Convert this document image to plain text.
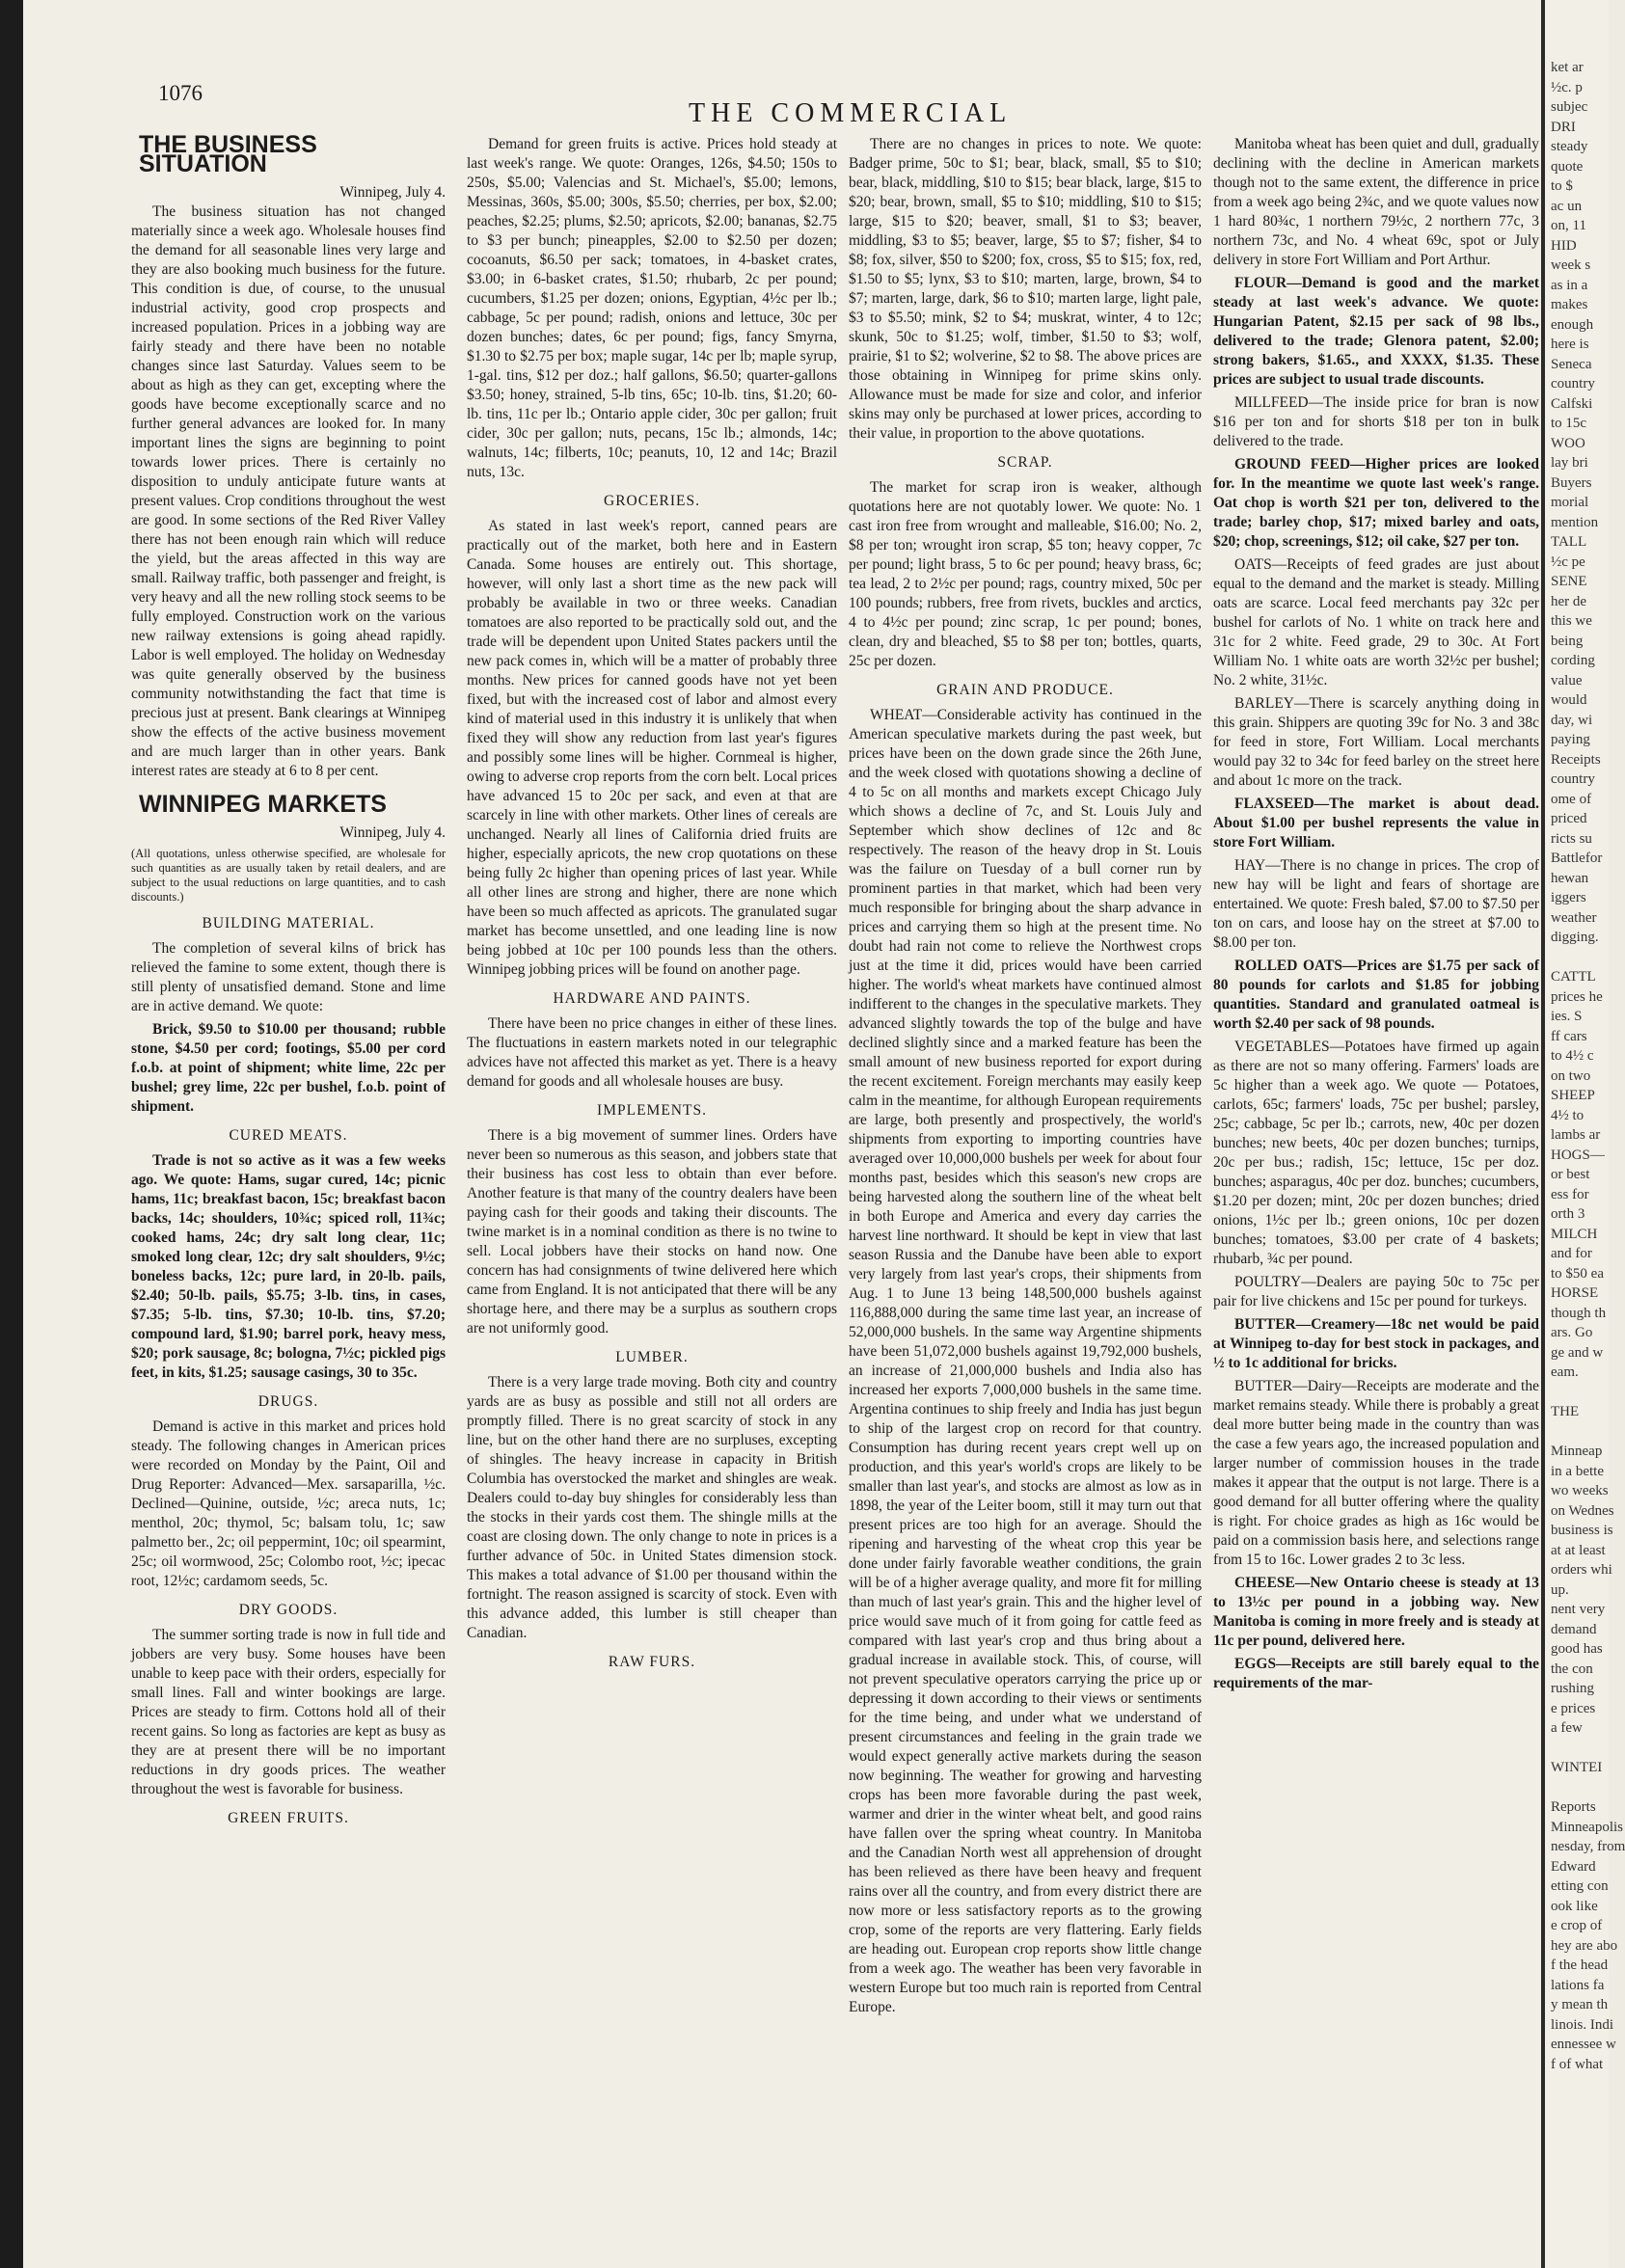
1076
THE COMMERCIAL
THE BUSINESS SITUATION

Winnipeg, July 4.

The business situation has not changed materially since a week ago. Wholesale houses find the demand for all seasonable lines very large and they are also booking much business for the future. This condition is due, of course, to the unusual industrial activity, good crop prospects and increased population. Prices in a jobbing way are fairly steady and there have been no notable changes since last Saturday. Values seem to be about as high as they can get, excepting where the goods have become exceptionally scarce and no further general advances are looked for. In many important lines the signs are beginning to point towards lower prices. There is certainly no disposition to unduly anticipate future wants at present values. Crop conditions throughout the west are good. In some sections of the Red River Valley there has not been enough rain which will reduce the yield, but the areas affected in this way are small. Railway traffic, both passenger and freight, is very heavy and all the new rolling stock seems to be fully employed. Construction work on the various new railway extensions is going ahead rapidly. Labor is well employed. The holiday on Wednesday was quite generally observed by the business community notwithstanding the fact that time is precious just at present. Bank clearings at Winnipeg show the effects of the active business movement and are much larger than in other years. Bank interest rates are steady at 6 to 8 per cent.

WINNIPEG MARKETS

Winnipeg, July 4.

(All quotations, unless otherwise specified, are wholesale for such quantities as are usually taken by retail dealers, and are subject to the usual reductions on large quantities, and to cash discounts.)

BUILDING MATERIAL.

The completion of several kilns of brick has relieved the famine to some extent, though there is still plenty of unsatisfied demand. Stone and lime are in active demand. We quote:

Brick, $9.50 to $10.00 per thousand; rubble stone, $4.50 per cord; footings, $5.00 per cord f.o.b. at point of shipment; white lime, 22c per bushel; grey lime, 22c per bushel, f.o.b. point of shipment.

CURED MEATS.

Trade is not so active as it was a few weeks ago. We quote: Hams, sugar cured, 14c; picnic hams, 11c; breakfast bacon, 15c; breakfast bacon backs, 14c; shoulders, 10¾c; spiced roll, 11¾c; cooked hams, 24c; dry salt long clear, 11c; smoked long clear, 12c; dry salt shoulders, 9½c; boneless backs, 12c; pure lard, in 20-lb. pails, $2.40; 50-lb. pails, $5.75; 3-lb. tins, in cases, $7.35; 5-lb. tins, $7.30; 10-lb. tins, $7.20; compound lard, $1.90; barrel pork, heavy mess, $20; pork sausage, 8c; bologna, 7½c; pickled pigs feet, in kits, $1.25; sausage casings, 30 to 35c.

DRUGS.

Demand is active in this market and prices hold steady. The following changes in American prices were recorded on Monday by the Paint, Oil and Drug Reporter: Advanced—Mex. sarsaparilla, ½c. Declined—Quinine, outside, ½c; areca nuts, 1c; menthol, 20c; thymol, 5c; balsam tolu, 1c; saw palmetto ber., 2c; oil peppermint, 10c; oil spearmint, 25c; oil wormwood, 25c; Colombo root, ½c; ipecac root, 12½c; cardamom seeds, 5c.

DRY GOODS.

The summer sorting trade is now in full tide and jobbers are very busy. Some houses have been unable to keep pace with their orders, especially for small lines. Fall and winter bookings are large. Prices are steady to firm. Cottons hold all of their recent gains. So long as factories are kept as busy as they are at present there will be no important reductions in dry goods prices. The weather throughout the west is favorable for business.

GREEN FRUITS.

Demand for green fruits is active. Prices hold steady at last week's range. We quote: Oranges, 126s, $4.50; 150s to 250s, $5.00; Valencias and St. Michael's, $5.00; lemons, Messinas, 360s, $5.00; 300s, $5.50; cherries, per box, $2.00; peaches, $2.25; plums, $2.50; apricots, $2.00; bananas, $2.75 to $3 per bunch; pineapples, $2.00 to $2.50 per dozen; cocoanuts, $6.50 per sack; tomatoes, in 4-basket crates, $3.00; in 6-basket crates, $1.50; rhubarb, 2c per pound; cucumbers, $1.25 per dozen; onions, Egyptian, 4½c per lb.; cabbage, 5c per pound; radish, onions and lettuce, 30c per dozen bunches; dates, 6c per pound; figs, fancy Smyrna, $1.30 to $2.75 per box; maple sugar, 14c per lb; maple syrup, 1-gal. tins, $12 per doz.; half gallons, $6.50; quarter-gallons $3.50; honey, strained, 5-lb tins, 65c; 10-lb. tins, $1.20; 60-lb. tins, 11c per lb.; Ontario apple cider, 30c per gallon; fruit cider, 30c per gallon; nuts, pecans, 15c lb.; almonds, 14c; walnuts, 14c; filberts, 10c; peanuts, 10, 12 and 14c; Brazil nuts, 13c.

GROCERIES.

As stated in last week's report, canned pears are practically out of the market, both here and in Eastern Canada. Some houses are entirely out. This shortage, however, will only last a short time as the new pack will probably be available in two or three weeks. Canadian tomatoes are also reported to be practically sold out, and the trade will be dependent upon United States packers until the new pack comes in, which will be a matter of probably three months. New prices for canned goods have not yet been fixed, but with the increased cost of labor and almost every kind of material used in this industry it is unlikely that when fixed they will show any reduction from last year's figures and possibly some lines will be higher. Cornmeal is higher, owing to adverse crop reports from the corn belt. Local prices have advanced 15 to 20c per sack, and even at that are scarcely in line with other markets. Other lines of cereals are unchanged. Nearly all lines of California dried fruits are higher, especially apricots, the new crop quotations on these being fully 2c higher than opening prices of last year. While all other lines are strong and higher, there are none which have been so much affected as apricots. The granulated sugar market has become unsettled, and one leading line is now being jobbed at 10c per 100 pounds less than the others. Winnipeg jobbing prices will be found on another page.

HARDWARE AND PAINTS.

There have been no price changes in either of these lines. The fluctuations in eastern markets noted in our telegraphic advices have not affected this market as yet. There is a heavy demand for goods and all wholesale houses are busy.

IMPLEMENTS.

There is a big movement of summer lines. Orders have never been so numerous as this season, and jobbers state that their business has cost less to obtain than ever before. Another feature is that many of the country dealers have been paying cash for their goods and taking their discounts. The twine market is in a nominal condition as there is no twine to sell. Local jobbers have their stocks on hand now. One concern has had consignments of twine delivered here which came from England. It is not anticipated that there will be any shortage here, and there may be a surplus as southern crops are not uniformly good.

LUMBER.

There is a very large trade moving. Both city and country yards are as busy as possible and still not all orders are promptly filled. There is no great scarcity of stock in any line, but on the other hand there are no surpluses, excepting of shingles. The heavy increase in capacity in British Columbia has overstocked the market and shingles are weak. Dealers could to-day buy shingles for considerably less than the stocks in their yards cost them. The shingle mills at the coast are closing down. The only change to note in prices is a further advance of 50c. in United States dimension stock. This makes a total advance of $1.00 per thousand within the fortnight. The reason assigned is scarcity of stock. Even with this advance added, this lumber is still cheaper than Canadian.

RAW FURS.

There are no changes in prices to note. We quote: Badger prime, 50c to $1; bear, black, small, $5 to $10; bear, black, middling, $10 to $15; bear black, large, $15 to $20; bear, brown, small, $5 to $10; middling, $10 to $15; large, $15 to $20; beaver, small, $1 to $3; beaver, middling, $3 to $5; beaver, large, $5 to $7; fisher, $4 to $8; fox, silver, $50 to $200; fox, cross, $5 to $15; fox, red, $1.50 to $5; lynx, $3 to $10; marten, large, brown, $4 to $7; marten, large, dark, $6 to $10; marten large, light pale, $3 to $5.50; mink, $2 to $4; muskrat, winter, 4 to 12c; skunk, 50c to $1.25; wolf, timber, $1.50 to $3; wolf, prairie, $1 to $2; wolverine, $2 to $8. The above prices are those obtaining in Winnipeg for prime skins only. Allowance must be made for size and color, and inferior skins may only be purchased at lower prices, according to their value, in proportion to the above quotations.

SCRAP.

The market for scrap iron is weaker, although quotations here are not quotably lower. We quote: No. 1 cast iron free from wrought and malleable, $16.00; No. 2, $8 per ton; wrought iron scrap, $5 ton; heavy copper, 7c per pound; light brass, 5 to 6c per pound; heavy brass, 6c; tea lead, 2 to 2½c per pound; rags, country mixed, 50c per 100 pounds; rubbers, free from rivets, buckles and arctics, 4 to 4½c per pound; zinc scrap, 1c per pound; bones, clean, dry and bleached, $5 to $8 per ton; bottles, quarts, 25c per dozen.

GRAIN AND PRODUCE.

WHEAT—Considerable activity has continued in the American speculative markets during the past week, but prices have been on the down grade since the 26th June, and the week closed with quotations showing a decline of 4 to 5c on all months and markets except Chicago July which shows a decline of 7c, and St. Louis July and September which show declines of 12c and 8c respectively. The reason of the heavy drop in St. Louis was the failure on Tuesday of a bull corner run by prominent parties in that market, which had been very much responsible for bringing about the sharp advance in prices and carrying them so high at the present time. No doubt had rain not come to relieve the Northwest crops just at the time it did, prices would have been carried higher. The world's wheat markets have continued almost indifferent to the changes in the speculative markets. They advanced slightly towards the top of the bulge and have declined slightly since and a marked feature has been the small amount of new business reported for export during the recent excitement. Foreign merchants may easily keep calm in the meantime, for although European requirements are large, both presently and prospectively, the world's shipments from exporting to importing countries have averaged over 10,000,000 bushels per week for about four months past, besides which this season's new crops are being harvested along the southern line of the wheat belt in both Europe and America and every day carries the harvest line northward. It should be kept in view that last season Russia and the Danube have been able to export very largely from last year's crops, their shipments from Aug. 1 to June 13 being 148,500,000 bushels against 116,888,000 during the same time last year, an increase of 52,000,000 bushels. In the same way Argentine shipments have been 51,072,000 bushels against 19,792,000 bushels, an increase of 21,000,000 bushels and India also has increased her exports 7,000,000 bushels in the same time. Argentina continues to ship freely and India has just begun to ship of the largest crop on record for that country. Consumption has during recent years crept well up on production, and this year's world's crops are likely to be smaller than last year's, and stocks are almost as low as in 1898, the year of the Leiter boom, still it may turn out that present prices are too high for an average. Should the ripening and harvesting of the wheat crop this year be done under fairly favorable weather conditions, the grain will be of a higher average quality, and more fit for milling than much of last year's grain. This and the higher level of price would save much of it from going for cattle feed as compared with last year's crop and thus bring about a gradual increase in available stock. This, of course, will not prevent speculative operators carrying the price up or depressing it down according to their views or sentiments for the time being, and under what we understand of present circumstances and feeling in the grain trade we would expect generally active markets during the season now beginning. The weather for growing and harvesting crops has been more favorable during the past week, warmer and drier in the winter wheat belt, and good rains have fallen over the spring wheat country. In Manitoba and the Canadian North west all apprehension of drought has been relieved as there have been heavy and frequent rains over all the country, and from every district there are now more or less satisfactory reports as to the growing crop, some of the reports are very flattering. Early fields are heading out. European crop reports show little change from a week ago. The weather has been very favorable in western Europe but too much rain is reported from Central Europe.

Manitoba wheat has been quiet and dull, gradually declining with the decline in American markets though not to the same extent, the difference in price from a week ago being 2¾c, and we quote values now 1 hard 80¾c, 1 northern 79½c, 2 northern 77c, 3 northern 73c, and No. 4 wheat 69c, spot or July delivery in store Fort William and Port Arthur.

FLOUR—Demand is good and the market steady at last week's advance. We quote: Hungarian Patent, $2.15 per sack of 98 lbs., delivered to the trade; Glenora patent, $2.00; strong bakers, $1.65., and XXXX, $1.35. These prices are subject to usual trade discounts.

MILLFEED—The inside price for bran is now $16 per ton and for shorts $18 per ton in bulk delivered to the trade.

GROUND FEED—Higher prices are looked for. In the meantime we quote last week's range. Oat chop is worth $21 per ton, delivered to the trade; barley chop, $17; mixed barley and oats, $20; chop, screenings, $12; oil cake, $27 per ton.

OATS—Receipts of feed grades are just about equal to the demand and the market is steady. Milling oats are scarce. Local feed merchants pay 32c per bushel for carlots of No. 1 white on track here and 31c for 2 white. Feed grade, 29 to 30c. At Fort William No. 1 white oats are worth 32½c per bushel; No. 2 white, 31½c.

BARLEY—There is scarcely anything doing in this grain. Shippers are quoting 39c for No. 3 and 38c for feed in store, Fort William. Local merchants would pay 32 to 34c for feed barley on the street here and about 1c more on the track.

FLAXSEED—The market is about dead. About $1.00 per bushel represents the value in store Fort William.

HAY—There is no change in prices. The crop of new hay will be light and fears of shortage are entertained. We quote: Fresh baled, $7.00 to $7.50 per ton on cars, and loose hay on the street at $7.00 to $8.00 per ton.

ROLLED OATS—Prices are $1.75 per sack of 80 pounds for carlots and $1.85 for jobbing quantities. Standard and granulated oatmeal is worth $2.40 per sack of 98 pounds.

VEGETABLES—Potatoes have firmed up again as there are not so many offering. Farmers' loads are 5c higher than a week ago. We quote — Potatoes, carlots, 65c; farmers' loads, 75c per bushel; parsley, 25c; cabbage, 5c per lb.; carrots, new, 40c per dozen bunches; new beets, 40c per dozen bunches; turnips, 20c per bus.; radish, 15c; lettuce, 15c per doz. bunches; asparagus, 40c per doz. bunches; cucumbers, $1.20 per dozen; mint, 20c per dozen bunches; dried onions, 1½c per lb.; green onions, 10c per dozen bunches; tomatoes, $3.00 per crate of 4 baskets; rhubarb, ¾c per pound.

POULTRY—Dealers are paying 50c to 75c per pair for live chickens and 15c per pound for turkeys.

BUTTER—Creamery—18c net would be paid at Winnipeg to-day for best stock in packages, and ½ to 1c additional for bricks.

BUTTER—Dairy—Receipts are moderate and the market remains steady. While there is probably a great deal more butter being made in the country than was the case a few years ago, the increased population and larger number of commission houses in the trade makes it appear that the output is not large. There is a good demand for all butter offering where the quality is right. For choice grades as high as 16c would be paid on a commission basis here, and selections range from 15 to 16c. Lower grades 2 to 3c less.

CHEESE—New Ontario cheese is steady at 13 to 13½c per pound in a jobbing way. New Manitoba is coming in more freely and is steady at 11c per pound, delivered here.

EGGS—Receipts are still barely equal to the requirements of the mar-

ket ar
½c. p
subjec
DRI
steady
quote
to $
ac un
on, 11
HID
week s
as in a
makes
enough
here is
Seneca
country
Calfski
to 15c
WOO
lay bri
Buyers
morial
mention
TALL
½c pe
SENE
her de
this we
being
cording
value
would
day, wi
paying
Receipts
country
ome of
priced
ricts su
Battlefor
hewan
iggers
weather
digging.

CATTL
prices he
ies. S
ff cars
to 4½ c
on two
SHEEP
4½ to
lambs ar
HOGS—
or best
ess for
orth 3
MILCH
and for
to $50 ea
HORSE
though th
ars. Go
ge and w
eam.

THE

Minneap
in a bette
wo weeks
on Wednes
business is
at at least
orders whi
up.
nent very
demand
good has
the con
rushing
e prices
a few

WINTEI

Reports
Minneapolis
nesday, from
Edward
etting con
ook like
e crop of
hey are abo
f the head
lations fa
y mean th
linois. Indi
ennessee w
f of what
